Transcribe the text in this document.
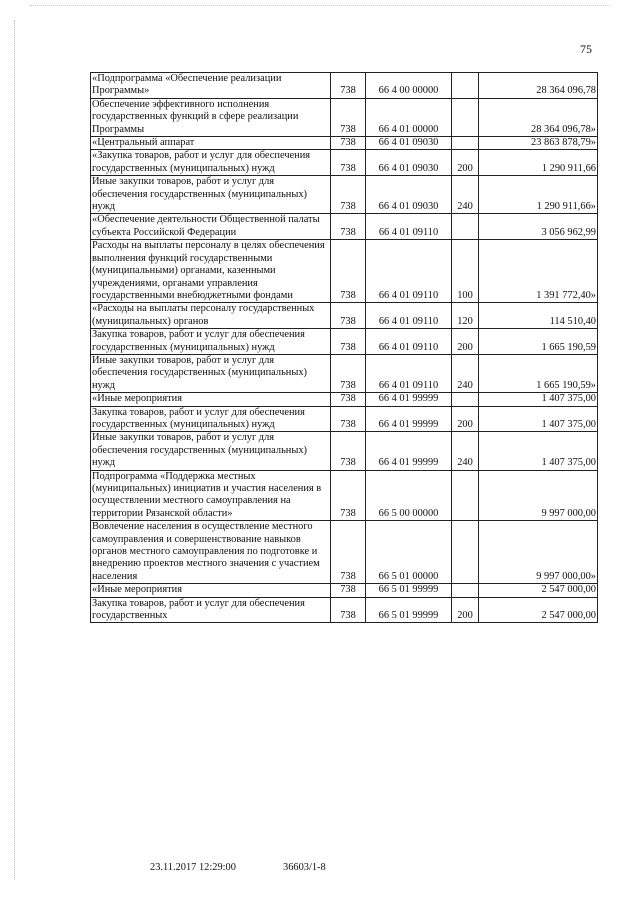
75
«Подпрограмма «Обеспечение реализации Программы»	738	66 4 00 00000		28 364 096,78
Обеспечение эффективного исполнения государственных функций в сфере реализации Программы	738	66 4 01 00000		28 364 096,78»
«Центральный аппарат	738	66 4 01 09030		23 863 878,79»
«Закупка товаров, работ и услуг для обеспечения государственных (муниципальных) нужд	738	66 4 01 09030	200	1 290 911,66
Иные закупки товаров, работ и услуг для обеспечения государственных (муниципальных) нужд	738	66 4 01 09030	240	1 290 911,66»
«Обеспечение деятельности Общественной палаты субъекта Российской Федерации	738	66 4 01 09110		3 056 962,99
Расходы на выплаты персоналу в целях обеспечения выполнения функций государственными (муниципальными) органами, казенными учреждениями, органами управления государственными внебюджетными фондами	738	66 4 01 09110	100	1 391 772,40»
«Расходы на выплаты персоналу государственных (муниципальных) органов	738	66 4 01 09110	120	114 510,40
Закупка товаров, работ и услуг для обеспечения государственных (муниципальных) нужд	738	66 4 01 09110	200	1 665 190,59
Иные закупки товаров, работ и услуг для обеспечения государственных (муниципальных) нужд	738	66 4 01 09110	240	1 665 190,59»
«Иные мероприятия	738	66 4 01 99999		1 407 375,00
Закупка товаров, работ и услуг для обеспечения государственных (муниципальных) нужд	738	66 4 01 99999	200	1 407 375,00
Иные закупки товаров, работ и услуг для обеспечения государственных (муниципальных) нужд	738	66 4 01 99999	240	1 407 375,00
Подпрограмма «Поддержка местных (муниципальных) инициатив и участия населения в осуществлении местного самоуправления на территории Рязанской области»	738	66 5 00 00000		9 997 000,00
Вовлечение населения в осуществление местного самоуправления и совершенствование навыков органов местного самоуправления по подготовке и внедрению проектов местного значения с участием населения	738	66 5 01 00000		9 997 000,00»
«Иные мероприятия	738	66 5 01 99999		2 547 000,00
Закупка товаров, работ и услуг для обеспечения государственных	738	66 5 01 99999	200	2 547 000,00
23.11.2017 12:29:00	36603/1-8
